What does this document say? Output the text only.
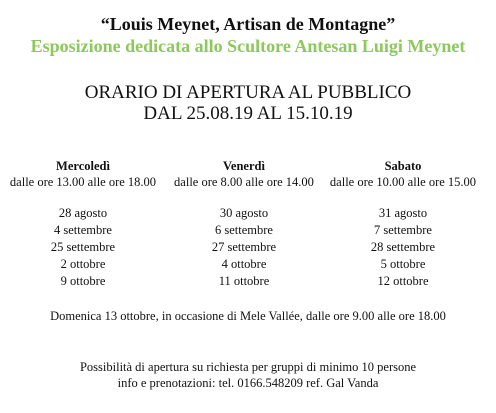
“Louis Meynet, Artisan de Montagne”
Esposizione dedicata allo Scultore Antesan Luigi Meynet
ORARIO DI APERTURA AL PUBBLICO
DAL 25.08.19 AL 15.10.19
Mercoledì
dalle ore 13.00 alle ore 18.00
28 agosto
4 settembre
25 settembre
2 ottobre
9 ottobre
Venerdì
dalle ore 8.00 alle ore 14.00
30 agosto
6 settembre
27 settembre
4 ottobre
11 ottobre
Sabato
dalle ore 10.00 alle ore 15.00
31 agosto
7 settembre
28 settembre
5 ottobre
12 ottobre
Domenica 13 ottobre, in occasione di Mele Vallée, dalle ore 9.00 alle ore 18.00
Possibilità di apertura su richiesta per gruppi di minimo 10 persone
info e prenotazioni: tel. 0166.548209 ref. Gal Vanda
